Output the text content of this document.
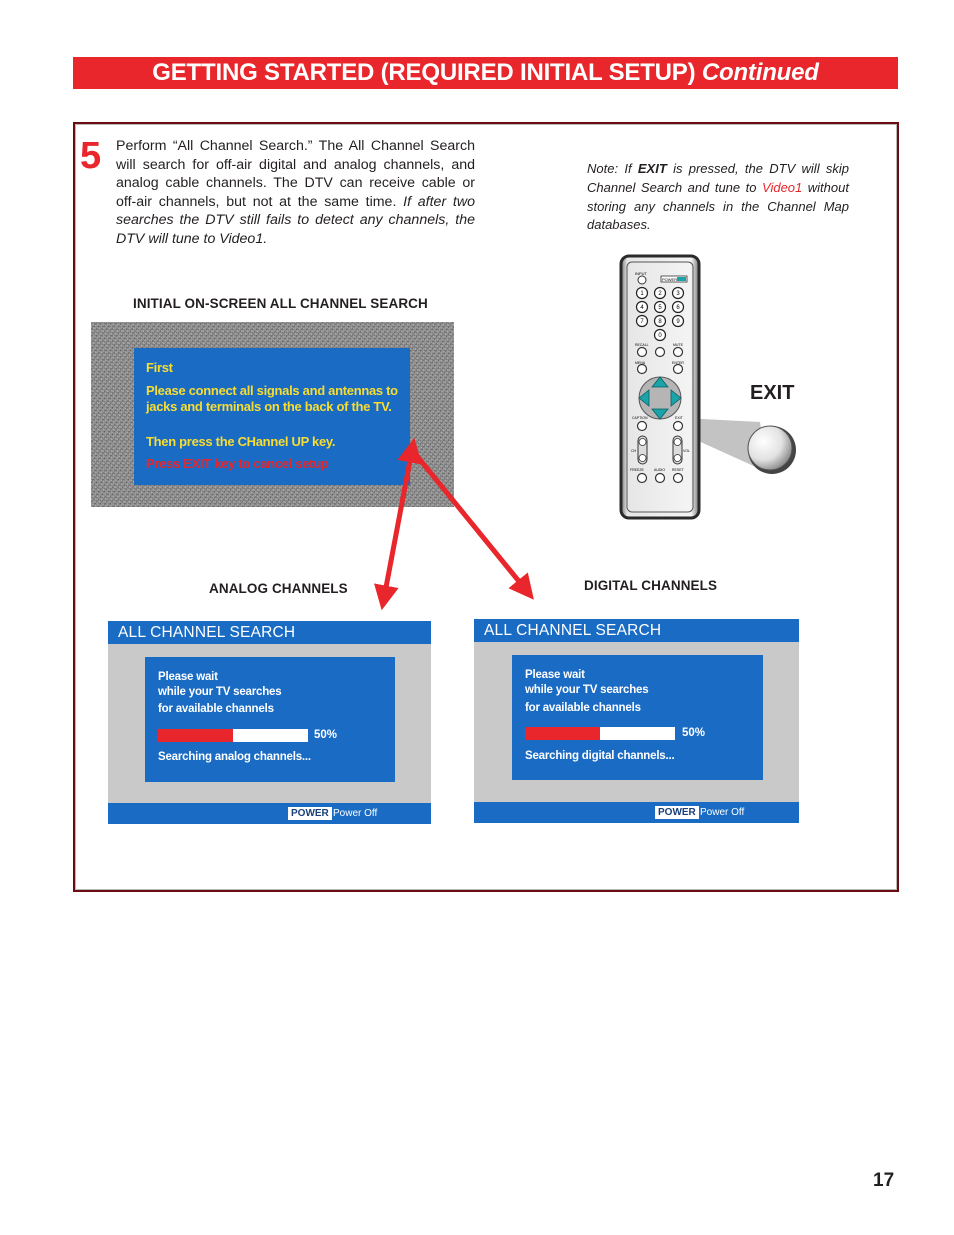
GETTING STARTED (REQUIRED INITIAL SETUP) Continued
5 Perform “All Channel Search.” The All Channel Search will search for off-air digital and analog channels, and analog cable channels. The DTV can receive cable or off-air channels, but not at the same time. If after two searches the DTV still fails to detect any channels, the DTV will tune to Video1.
Note: If EXIT is pressed, the DTV will skip Channel Search and tune to Video1 without storing any channels in the Channel Map databases.
INITIAL ON-SCREEN ALL CHANNEL SEARCH
ANALOG CHANNELS	DIGITAL CHANNELS
First
Please connect all signals and antennas to
jacks and terminals on the back of the TV.
Then press the CHannel UP key.
Press EXIT key to cancel setup
INPUT
POWER
1 2 3
4 5 6
7 8 9
0
RECALL	MUTE
MENU	ENTER
CAPTION	EXIT
CH	VOL
FREEZE	AUDIO RESET
EXIT
ALL CHANNEL SEARCH
Please wait
while your TV searches
for available channels
50%
Searching analog channels...
POWER Power Off
ALL CHANNEL SEARCH
Please wait
while your TV searches
for available channels
50%
Searching digital channels...
POWER Power Off
17
